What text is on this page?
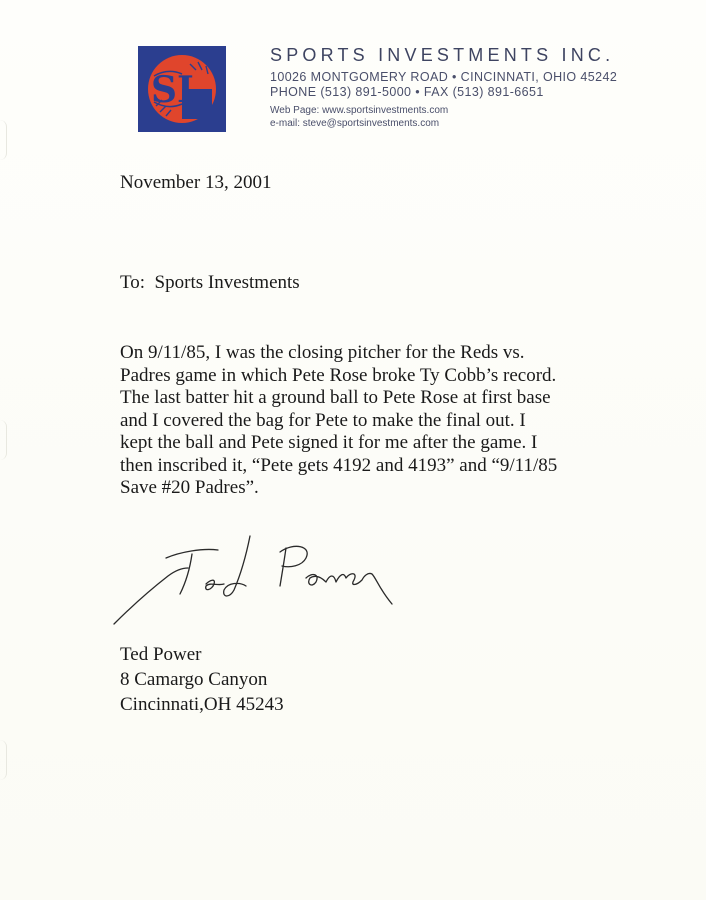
SI
SPORTS INVESTMENTS INC.
10026 MONTGOMERY ROAD • CINCINNATI, OHIO 45242
PHONE (513) 891-5000 • FAX (513) 891-6651
Web Page: www.sportsinvestments.com
e-mail: steve@sportsinvestments.com
November 13, 2001
To:  Sports Investments
On 9/11/85, I was the closing pitcher for the Reds vs.
Padres game in which Pete Rose broke Ty Cobb’s record.
The last batter hit a ground ball to Pete Rose at first base
and I covered the bag for Pete to make the final out. I
kept the ball and Pete signed it for me after the game. I
then inscribed it, “Pete gets 4192 and 4193” and “9/11/85
Save #20 Padres”.
Ted Power
8 Camargo Canyon
Cincinnati,OH 45243
